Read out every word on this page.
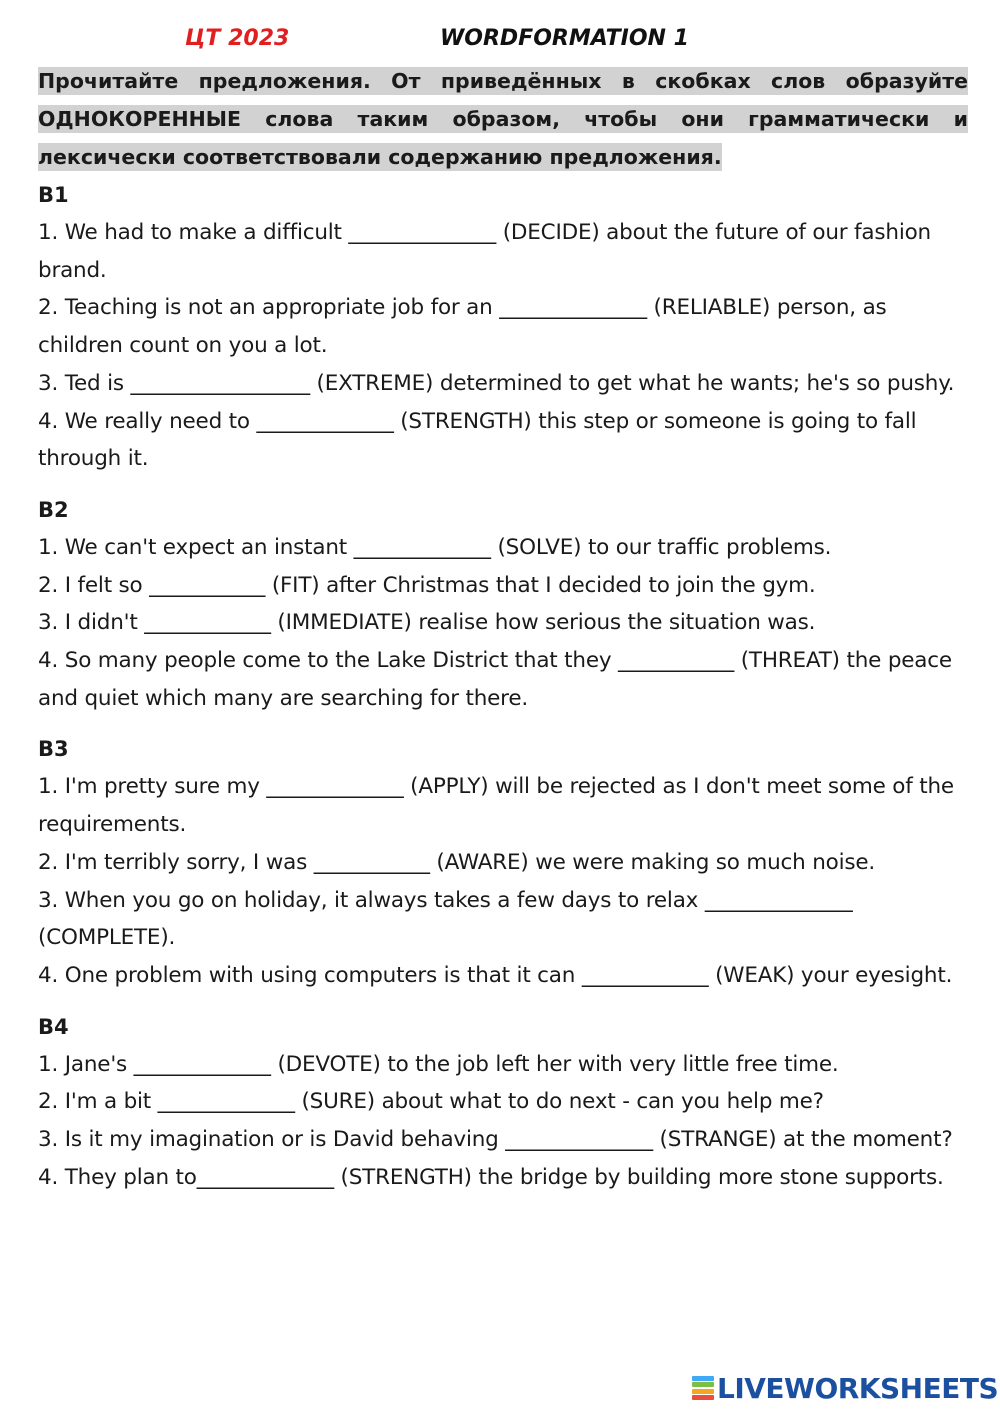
ЦТ 2023	WORDFORMATION 1
Прочитайте предложения. От приведённых в скобках слов образуйте ОДНОКОРЕННЫЕ слова таким образом, чтобы они грамматически и лексически соответствовали содержанию предложения.
B1
1. We had to make a difficult ______________ (DECIDE) about the future of our fashion brand.
2. Teaching is not an appropriate job for an ______________ (RELIABLE) person, as children count on you a lot.
3. Ted is _________________ (EXTREME) determined to get what he wants; he's so pushy.
4. We really need to _____________ (STRENGTH) this step or someone is going to fall through it.
B2
1. We can't expect an instant _____________ (SOLVE) to our traffic problems.
2. I felt so ___________ (FIT) after Christmas that I decided to join the gym.
3. I didn't ____________ (IMMEDIATE) realise how serious the situation was.
4. So many people come to the Lake District that they ___________ (THREAT) the peace and quiet which many are searching for there.
B3
1. I'm pretty sure my _____________ (APPLY) will be rejected as I don't meet some of the requirements.
2. I'm terribly sorry, I was ___________ (AWARE) we were making so much noise.
3. When you go on holiday, it always takes a few days to relax ______________ (COMPLETE).
4. One problem with using computers is that it can ____________ (WEAK) your eyesight.
B4
1. Jane's _____________ (DEVOTE) to the job left her with very little free time.
2. I'm a bit _____________ (SURE) about what to do next - can you help me?
3. Is it my imagination or is David behaving ______________ (STRANGE) at the moment?
4. They plan to_____________ (STRENGTH) the bridge by building more stone supports.
LIVEWORKSHEETS
